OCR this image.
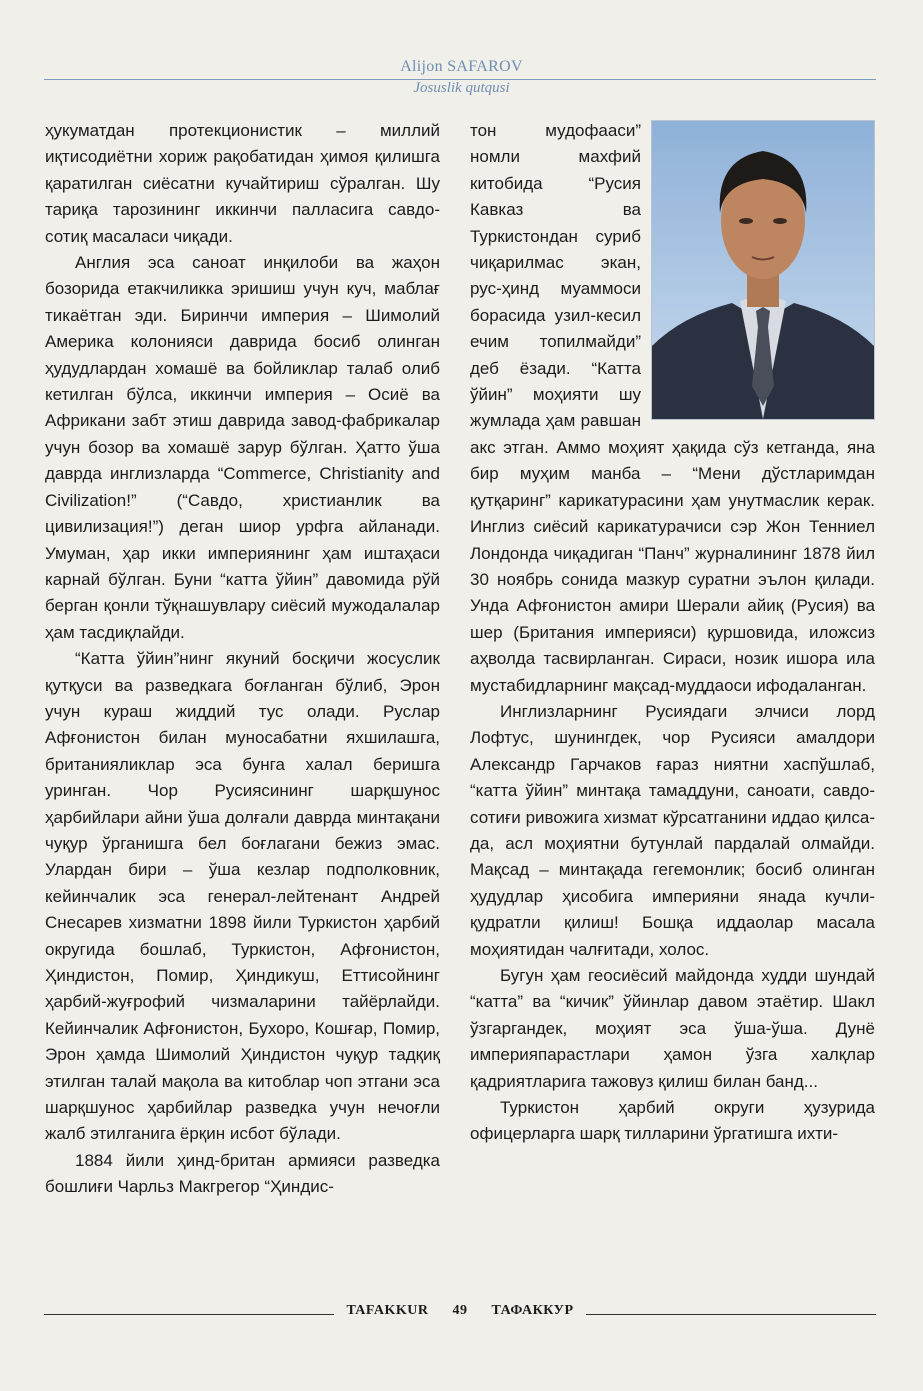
Alijon SAFAROV
Josuslik qutqusi

ҳукуматдан протекционистик – миллий иқтисодиётни хориж рақобатидан ҳимоя қилишга қаратилган сиёсатни кучайтириш сўралган. Шу тариқа тарозининг иккинчи палласига савдо-сотиқ масаласи чиқади.

Англия эса саноат инқилоби ва жаҳон бозорида етакчиликка эришиш учун куч, маблағ тикаётган эди. Биринчи империя – Шимолий Америка колонияси даврида босиб олинган ҳудудлардан хомашё ва бойликлар талаб олиб кетилган бўлса, иккинчи империя – Осиё ва Африкани забт этиш даврида завод-фабрикалар учун бозор ва хомашё зарур бўлган. Ҳатто ўша даврда инглизларда “Commerce, Christianity and Civilization!” (“Савдо, христианлик ва цивилизация!”) деган шиор урфга айланади. Умуман, ҳар икки империянинг ҳам иштаҳаси карнай бўлган. Буни “катта ўйин” давомида рўй берган қонли тўқнашувлару сиёсий мужодалалар ҳам тасдиқлайди.

“Катта ўйин”нинг якуний босқичи жосуслик қутқуси ва разведкага боғланган бўлиб, Эрон учун кураш жиддий тус олади. Руслар Афғонистон билан муносабатни яхшилашга, британияликлар эса бунга халал беришга уринган. Чор Русиясининг шарқшунос ҳарбийлари айни ўша долғали даврда минтақани чуқур ўрганишга бел боғлагани бежиз эмас. Улардан бири – ўша кезлар подполковник, кейинчалик эса генерал-лейтенант Андрей Снесарев хизматни 1898 йили Туркистон ҳарбий округида бошлаб, Туркистон, Афғонистон, Ҳиндистон, Помир, Ҳиндикуш, Еттисойнинг ҳарбий-жуғрофий чизмаларини тайёрлайди. Кейинчалик Афғонистон, Бухоро, Кошғар, Помир, Эрон ҳамда Шимолий Ҳиндистон чуқур тадқиқ этилган талай мақола ва китоблар чоп этгани эса шарқшунос ҳарбийлар разведка учун нечоғли жалб этилганига ёрқин исбот бўлади.

1884 йили ҳинд-британ армияси разведка бошлиғи Чарльз Макгрегор “Ҳиндис-

тон мудофааси” номли махфий китобида “Русия Кавказ ва Туркистондан суриб чиқарилмас экан, рус-ҳинд муаммоси борасида узил-кесил ечим топилмайди” деб ёзади. “Катта ўйин” моҳияти шу жумлада ҳам равшан акс этган. Аммо моҳият ҳақида сўз кетганда, яна бир муҳим манба – “Мени дўстларимдан қутқаринг” карикатурасини ҳам унутмаслик керак. Инглиз сиёсий карикатурачиси сэр Жон Тенниел Лондонда чиқадиган “Панч” журналининг 1878 йил 30 ноябрь сонида мазкур суратни эълон қилади. Унда Афғонистон амири Шерали айиқ (Русия) ва шер (Британия империяси) қуршовида, иложсиз аҳволда тасвирланган. Сираси, нозик ишора ила мустабидларнинг мақсад-муддаоси ифодаланган.

Инглизларнинг Русиядаги элчиси лорд Лофтус, шунингдек, чор Русияси амалдори Александр Гарчаков ғараз ниятни хаспўшлаб, “катта ўйин” минтақа тамаддуни, саноати, савдо-сотиғи ривожига хизмат кўрсатганини иддао қилса-да, асл моҳиятни бутунлай пардалай олмайди. Мақсад – минтақада гегемонлик; босиб олинган ҳудудлар ҳисобига империяни янада кучли-қудратли қилиш! Бошқа иддаолар масала моҳиятидан чалғитади, холос.

Бугун ҳам геосиёсий майдонда худди шундай “катта” ва “кичик” ўйинлар давом этаётир. Шакл ўзгаргандек, моҳият эса ўша-ўша. Дунё империяпарастлари ҳамон ўзга халқлар қадриятларига тажовуз қилиш билан банд...

Туркистон ҳарбий округи ҳузурида офицерларга шарқ тилларини ўргатишга ихти-

TAFAKKUR 49 ТАФАККУР
